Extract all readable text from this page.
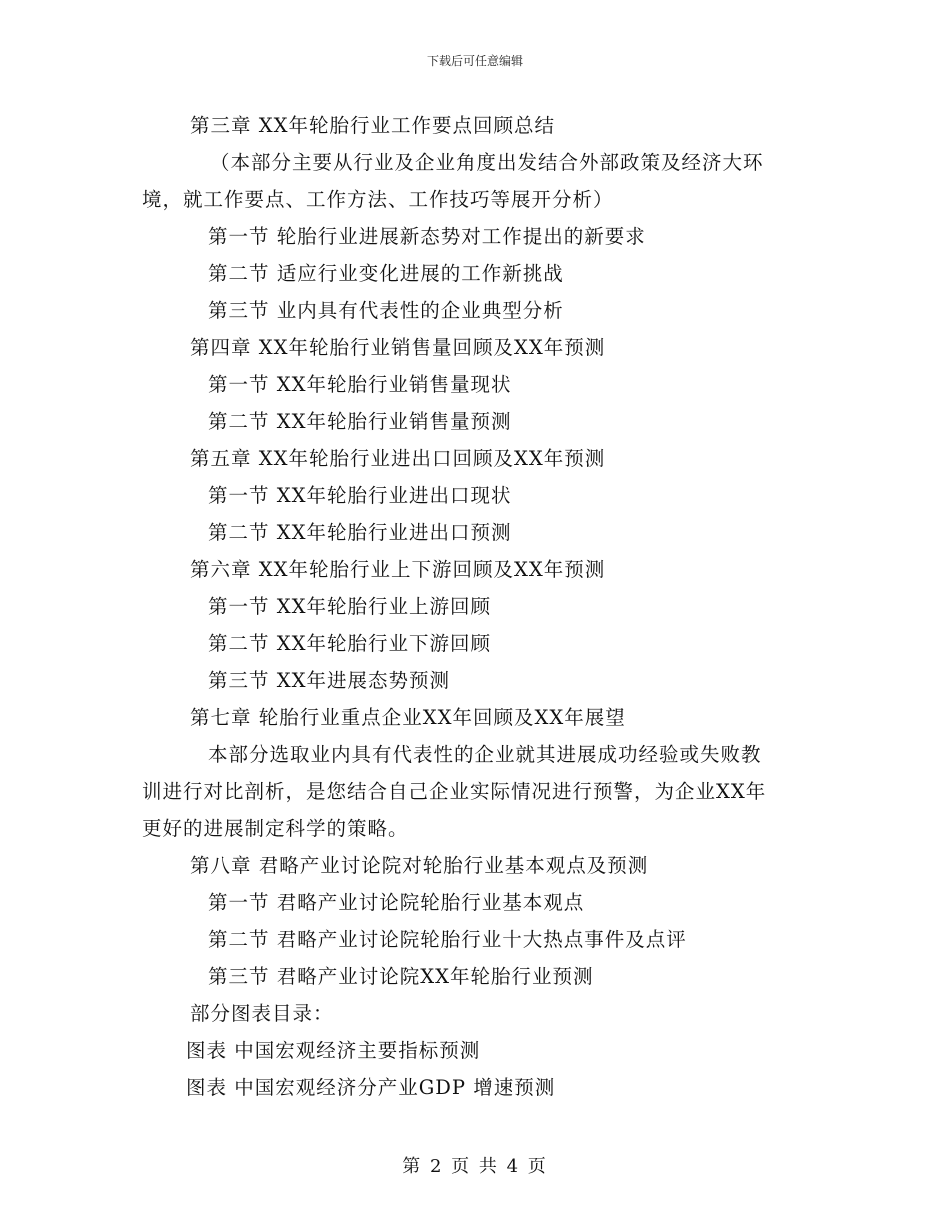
下载后可任意编辑
第三章 XX年轮胎行业工作要点回顾总结
（本部分主要从行业及企业角度出发结合外部政策及经济大环
境，就工作要点、工作方法、工作技巧等展开分析）
第一节 轮胎行业进展新态势对工作提出的新要求
第二节 适应行业变化进展的工作新挑战
第三节 业内具有代表性的企业典型分析
第四章 XX年轮胎行业销售量回顾及XX年预测
第一节 XX年轮胎行业销售量现状
第二节 XX年轮胎行业销售量预测
第五章 XX年轮胎行业进出口回顾及XX年预测
第一节 XX年轮胎行业进出口现状
第二节 XX年轮胎行业进出口预测
第六章 XX年轮胎行业上下游回顾及XX年预测
第一节 XX年轮胎行业上游回顾
第二节 XX年轮胎行业下游回顾
第三节 XX年进展态势预测
第七章 轮胎行业重点企业XX年回顾及XX年展望
本部分选取业内具有代表性的企业就其进展成功经验或失败教
训进行对比剖析，是您结合自己企业实际情况进行预警，为企业XX年
更好的进展制定科学的策略。
第八章 君略产业讨论院对轮胎行业基本观点及预测
第一节 君略产业讨论院轮胎行业基本观点
第二节 君略产业讨论院轮胎行业十大热点事件及点评
第三节 君略产业讨论院XX年轮胎行业预测
部分图表目录：
图表 中国宏观经济主要指标预测
图表 中国宏观经济分产业GDP 增速预测
第 2 页 共 4 页
